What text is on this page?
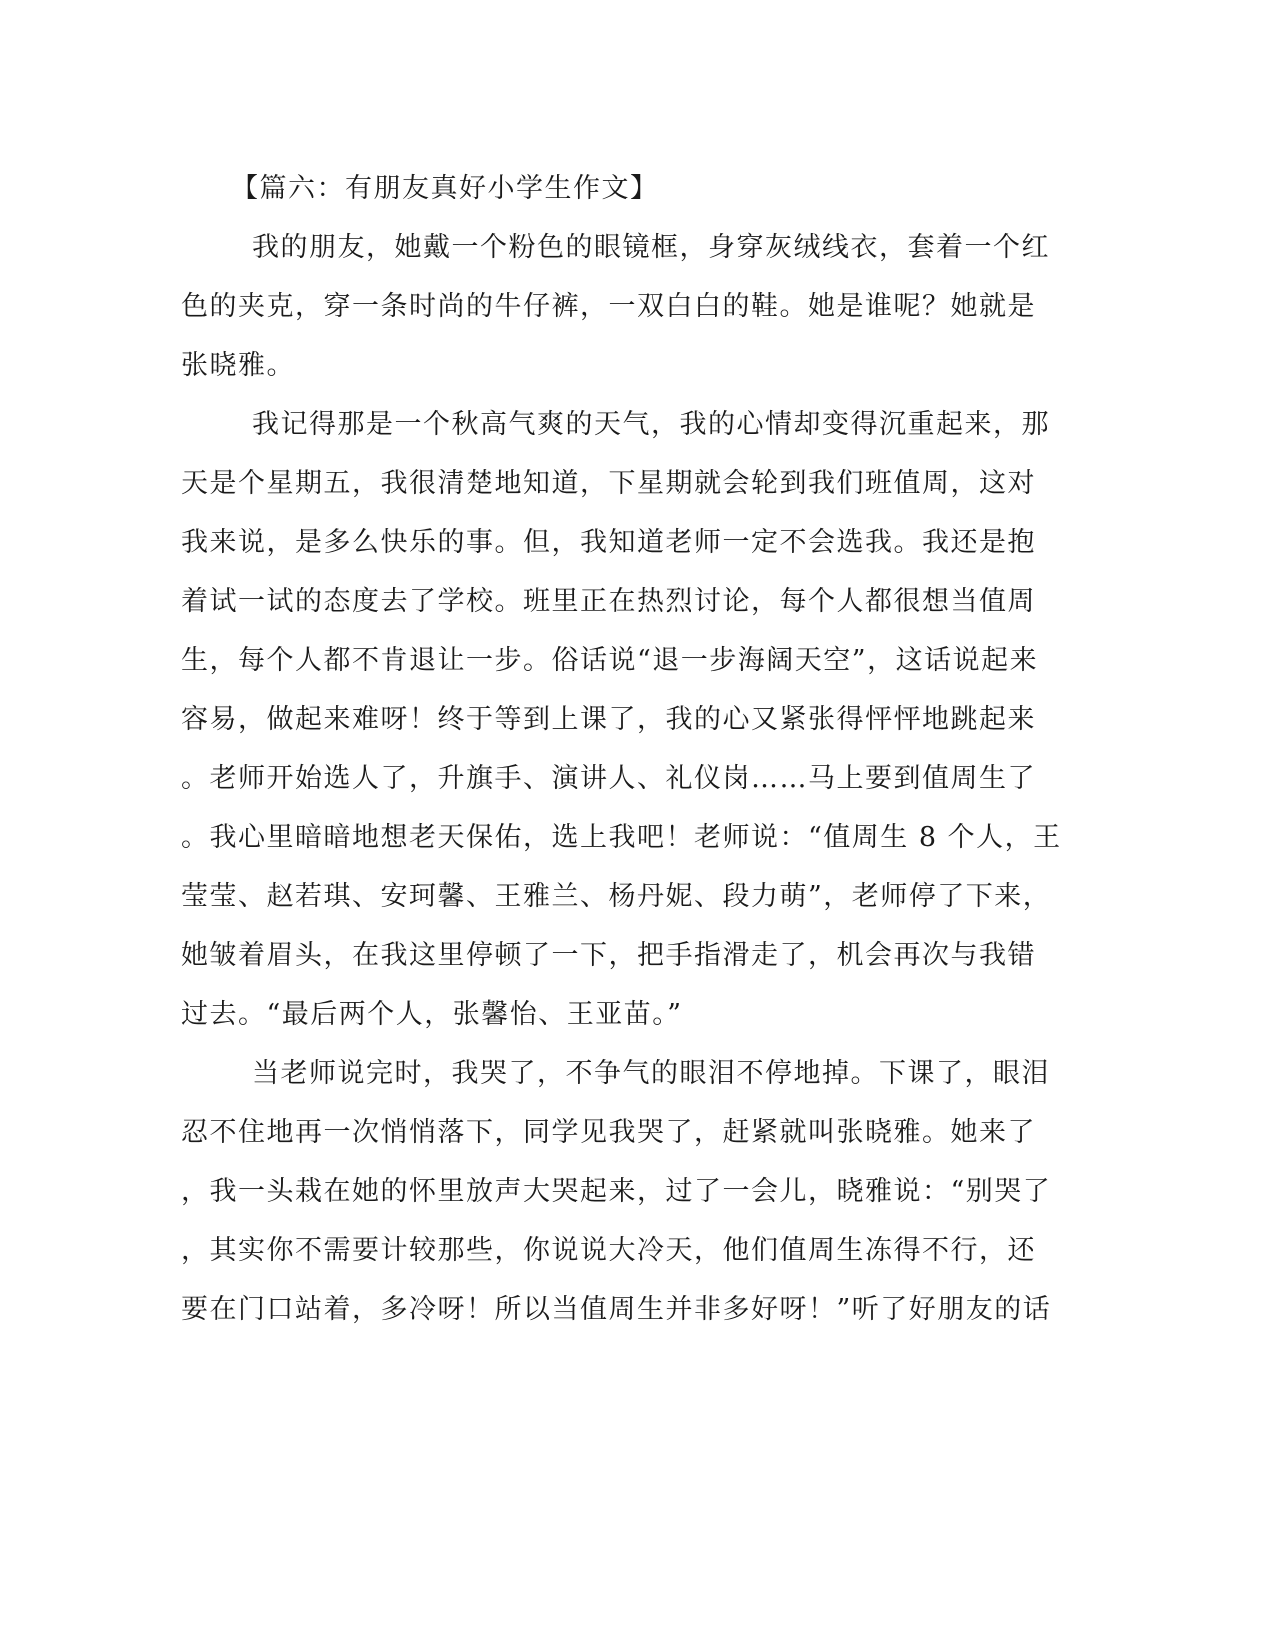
【篇六：有朋友真好小学生作文】
我的朋友，她戴一个粉色的眼镜框，身穿灰绒线衣，套着一个红
色的夹克，穿一条时尚的牛仔裤，一双白白的鞋。她是谁呢？她就是
张晓雅。
我记得那是一个秋高气爽的天气，我的心情却变得沉重起来，那
天是个星期五，我很清楚地知道，下星期就会轮到我们班值周，这对
我来说，是多么快乐的事。但，我知道老师一定不会选我。我还是抱
着试一试的态度去了学校。班里正在热烈讨论，每个人都很想当值周
生，每个人都不肯退让一步。俗话说“退一步海阔天空”，这话说起来
容易，做起来难呀！终于等到上课了，我的心又紧张得怦怦地跳起来
。老师开始选人了，升旗手、演讲人、礼仪岗……马上要到值周生了
。我心里暗暗地想老天保佑，选上我吧！老师说：“值周生 8 个人，王
莹莹、赵若琪、安珂馨、王雅兰、杨丹妮、段力萌”，老师停了下来，
她皱着眉头，在我这里停顿了一下，把手指滑走了，机会再次与我错
过去。“最后两个人，张馨怡、王亚苗。”
当老师说完时，我哭了，不争气的眼泪不停地掉。下课了，眼泪
忍不住地再一次悄悄落下，同学见我哭了，赶紧就叫张晓雅。她来了
，我一头栽在她的怀里放声大哭起来，过了一会儿，晓雅说：“别哭了
，其实你不需要计较那些，你说说大冷天，他们值周生冻得不行，还
要在门口站着，多冷呀！所以当值周生并非多好呀！”听了好朋友的话
